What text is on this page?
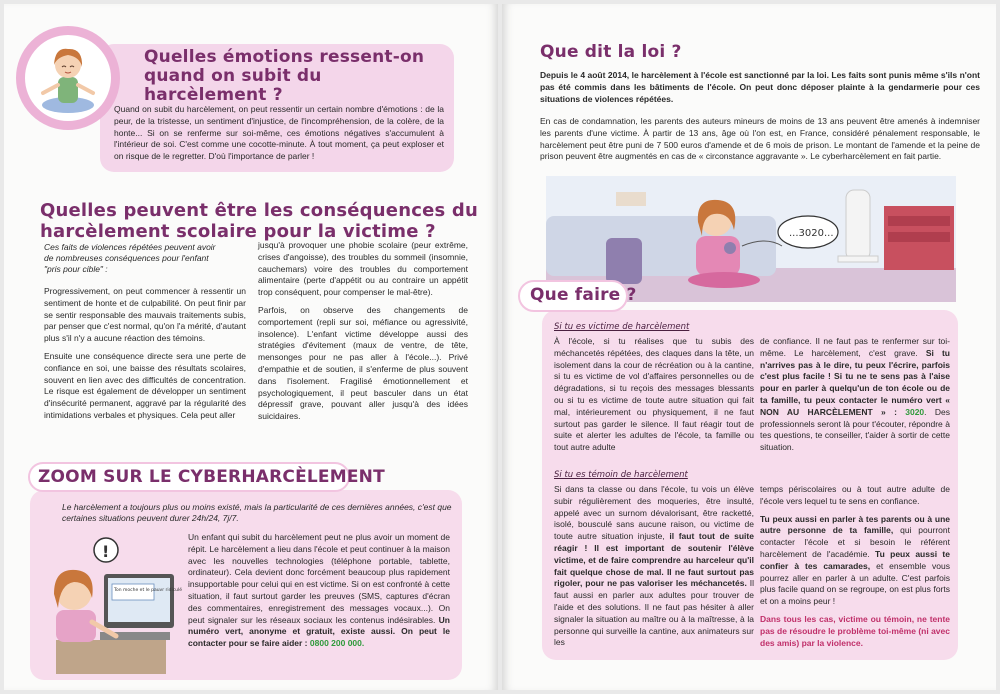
Quelles émotions ressent-on quand on subit du harcèlement ?
Quand on subit du harcèlement, on peut ressentir un certain nombre d'émotions : de la peur, de la tristesse, un sentiment d'injustice, de l'incompréhension, de la colère, de la honte... Si on se renferme sur soi-même, ces émotions négatives s'accumulent à l'intérieur de soi. C'est comme une cocotte-minute. À tout moment, ça peut exploser et on risque de le regretter. D'où l'importance de parler !
Quelles peuvent être les conséquences du harcèlement scolaire pour la victime ?
Ces faits de violences répétées peuvent avoir de nombreuses conséquences pour l'enfant "pris pour cible" :

Progressivement, on peut commencer à ressentir un sentiment de honte et de culpabilité. On peut finir par se sentir responsable des mauvais traitements subis, par penser que c'est normal, qu'on l'a mérité, d'autant plus s'il n'y a aucune réaction des témoins.

Ensuite une conséquence directe sera une perte de confiance en soi, une baisse des résultats scolaires, souvent en lien avec des difficultés de concentration. Le risque est également de développer un sentiment d'insécurité permanent, aggravé par la régularité des intimidations verbales et physiques. Cela peut aller

jusqu'à provoquer une phobie scolaire (peur extrême, crises d'angoisse), des troubles du sommeil (insomnie, cauchemars) voire des troubles du comportement alimentaire (perte d'appétit ou au contraire un appétit trop conséquent, pour compenser le mal-être).

Parfois, on observe des changements de comportement (repli sur soi, méfiance ou agressivité, insolence). L'enfant victime développe aussi des stratégies d'évitement (maux de ventre, de tête, mensonges pour ne pas aller à l'école...). Privé d'empathie et de soutien, il s'enferme de plus souvent dans l'isolement. Fragilisé émotionnellement et psychologiquement, il peut basculer dans un état dépressif grave, pouvant aller jusqu'à des idées suicidaires.

ZOOM SUR LE CYBERHARCÈLEMENT
Le harcèlement a toujours plus ou moins existé, mais la particularité de ces dernières années, c'est que certaines situations peuvent durer 24h/24, 7j/7.
!
Ton moche et le pauvr ridiculé !!!
Un enfant qui subit du harcèlement peut ne plus avoir un moment de répit. Le harcèlement a lieu dans l'école et peut continuer à la maison avec les nouvelles technologies (téléphone portable, tablette, ordinateur). Cela devient donc forcément beaucoup plus rapidement insupportable pour celui qui en est victime. Si on est confronté à cette situation, il faut surtout garder les preuves (SMS, captures d'écran des commentaires, enregistrement des messages vocaux...). On peut signaler sur les réseaux sociaux les contenus indésirables. Un numéro vert, anonyme et gratuit, existe aussi. On peut le contacter pour se faire aider : 0800 200 000.
Que dit la loi ?
Depuis le 4 août 2014, le harcèlement à l'école est sanctionné par la loi. Les faits sont punis même s'ils n'ont pas été commis dans les bâtiments de l'école. On peut donc déposer plainte à la gendarmerie pour ces situations de violences répétées.
En cas de condamnation, les parents des auteurs mineurs de moins de 13 ans peuvent être amenés à indemniser les parents d'une victime. À partir de 13 ans, âge où l'on est, en France, considéré pénalement responsable, le harcèlement peut être puni de 7 500 euros d'amende et de 6 mois de prison. Le montant de l'amende et la peine de prison peuvent être augmentés en cas de « circonstance aggravante ». Le cyberharcèlement en fait partie.
...3020...
Que faire ?
Si tu es victime de harcèlement
À l'école, si tu réalises que tu subis des méchancetés répétées, des claques dans la tête, un isolement dans la cour de récréation ou à la cantine, si tu es victime de vol d'affaires personnelles ou de dégradations, si tu reçois des messages blessants ou si tu es victime de toute autre situation qui fait mal, intérieurement ou physiquement, il ne faut surtout pas garder le silence. Il faut réagir tout de suite et alerter les adultes de l'école, ta famille ou tout autre adulte
de confiance. Il ne faut pas te renfermer sur toi-même. Le harcèlement, c'est grave. Si tu n'arrives pas à le dire, tu peux l'écrire, parfois c'est plus facile ! Si tu ne te sens pas à l'aise pour en parler à quelqu'un de ton école ou de ta famille, tu peux contacter le numéro vert « NON AU HARCÈLEMENT » : 3020. Des professionnels seront là pour t'écouter, répondre à tes questions, te conseiller, t'aider à sortir de cette situation.
Si tu es témoin de harcèlement
Si dans ta classe ou dans l'école, tu vois un élève subir régulièrement des moqueries, être insulté, appelé avec un surnom dévalorisant, être racketté, isolé, bousculé sans aucune raison, ou victime de toute autre situation injuste, il faut tout de suite réagir ! Il est important de soutenir l'élève victime, et de faire comprendre au harceleur qu'il fait quelque chose de mal. Il ne faut surtout pas rigoler, pour ne pas valoriser les méchancetés. Il faut aussi en parler aux adultes pour trouver de l'aide et des solutions. Il ne faut pas hésiter à aller signaler la situation au maître ou à la maîtresse, à la personne qui surveille la cantine, aux animateurs sur les

temps périscolaires ou à tout autre adulte de l'école vers lequel tu te sens en confiance.

Tu peux aussi en parler à tes parents ou à une autre personne de ta famille, qui pourront contacter l'école et si besoin le référent harcèlement de l'académie. Tu peux aussi te confier à tes camarades, et ensemble vous pourrez aller en parler à un adulte. C'est parfois plus facile quand on se regroupe, on est plus forts et on a moins peur !

Dans tous les cas, victime ou témoin, ne tente pas de résoudre le problème toi-même (ni avec des amis) par la violence.
